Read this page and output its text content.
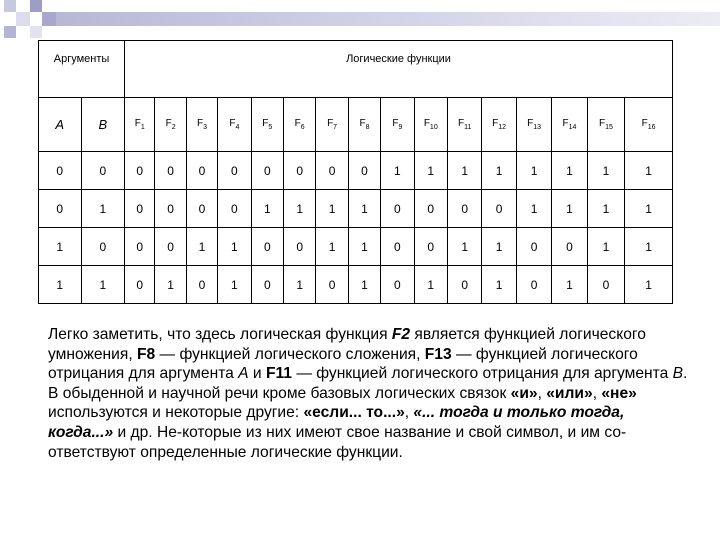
Аргументы		Логические функции															
A	B	$F_1$	$F_2$	$F_3$	$F_4$	$F_5$	$F_6$	$F_7$	$F_8$	$F_9$	$F_{10}$	$F_{11}$	$F_{12}$	$F_{13}$	$F_{14}$	$F_{15}$	$F_{16}$
0	0	0	0	0	0	0	0	0	0	1	1	1	1	1	1	1	1
0	1	0	0	0	0	1	1	1	1	0	0	0	0	1	1	1	1
1	0	0	0	1	1	0	0	1	1	0	0	1	1	0	0	1	1
1	1	0	1	0	1	0	1	0	1	0	1	0	1	0	1	0	1

Легко заметить, что здесь логическая функция F2 является функцией логического умножения, F8 — функцией логического сложения, F13 — функцией логического отрицания для аргумента А и F11 — функцией логического отрицания для аргумента В.

В обыденной и научной речи кроме базовых логических связок «и», «или», «не» используются и некоторые другие: «если... то...», «... тогда и только тогда, когда...» и др. Не-которые из них имеют свое название и свой символ, и им со-ответствуют определенные логические функции.
